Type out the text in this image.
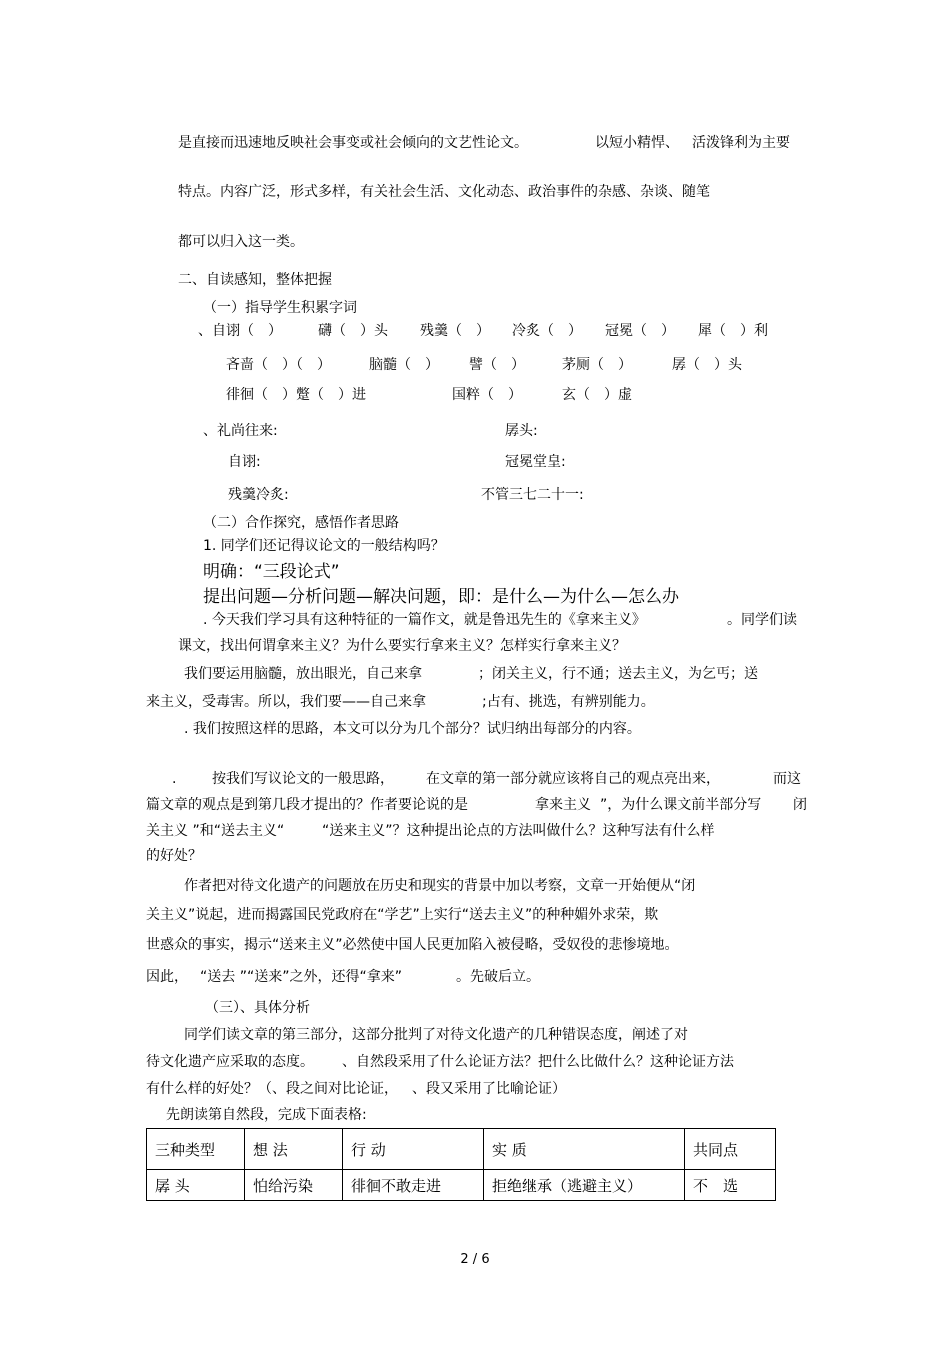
是直接而迅速地反映社会事变或社会倾向的文艺性论文。	以短小精悍、 活泼锋利为主要
特点。内容广泛，形式多样，有关社会生活、文化动态、政治事件的杂感、杂谈、随笔
都可以归入这一类。
二、自读感知，整体把握
（一）指导学生积累字词
、自诩（　）	礴（　）头 残羹（　） 冷炙（　） 冠冕（　） 犀（　）利
吝啬（　）（　）	脑髓（　） 譬（　）	茅厕（　）	孱（　）头
徘徊（　）蹩（　）进	国粹（　）	玄（　）虚
、礼尚往来:	孱头:
自诩:	冠冕堂皇:
残羹冷炙:	不管三七二十一:
（二）合作探究，感悟作者思路
1. 同学们还记得议论文的一般结构吗？
明确：“三段论式”
提出问题—分析问题—解决问题，即：是什么—为什么—怎么办
. 今天我们学习具有这种特征的一篇作文，就是鲁迅先生的《拿来主义》	。同学们读
课文，找出何谓拿来主义？为什么要实行拿来主义？怎样实行拿来主义？
我们要运用脑髓，放出眼光，自己来拿	；闭关主义，行不通；送去主义，为乞丐；送
来主义，受毒害。所以，我们要——自己来拿	;占有、挑选，有辨别能力。
. 我们按照这样的思路，本文可以分为几个部分？试归纳出每部分的内容。
.	按我们写议论文的一般思路， 在文章的第一部分就应该将自己的观点亮出来，	而这
篇文章的观点是到第几段才提出的？作者要论说的是	拿来主义 ”，为什么课文前半部分写 闭
关主义 ”和“送去主义“	“送来主义”？这种提出论点的方法叫做什么？这种写法有什么样
的好处？
作者把对待文化遗产的问题放在历史和现实的背景中加以考察，文章一开始便从“闭
关主义”说起，进而揭露国民党政府在“学艺”上实行“送去主义”的种种媚外求荣，欺
世惑众的事实，揭示“送来主义”必然使中国人民更加陷入被侵略，受奴役的悲惨境地。
因此， “送去 ”“送来”之外，还得“拿来”	。先破后立。
（三）、具体分析
同学们读文章的第三部分，这部分批判了对待文化遗产的几种错误态度，阐述了对
待文化遗产应采取的态度。 、自然段采用了什么论证方法？把什么比做什么？这种论证方法
有什么样的好处？（、段之间对比论证， 、段又采用了比喻论证）
先朗读第自然段，完成下面表格:
三种类型	想 法	行 动	实 质	共同点
孱 头	怕给污染	徘徊不敢走进	拒绝继承（逃避主义）	不　选
2 / 6
